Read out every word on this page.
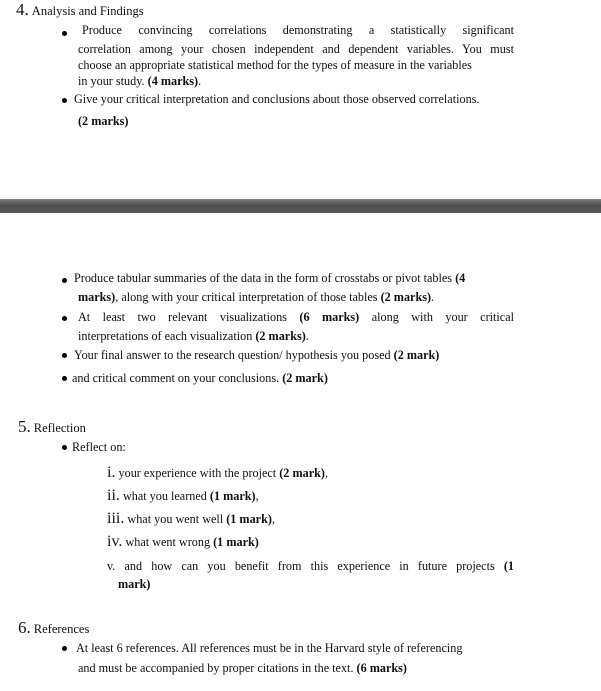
4. Analysis and Findings
Produce convincing correlations demonstrating a statistically significant
correlation among your chosen independent and dependent variables. You must
choose an appropriate statistical method for the types of measure in the variables
in your study. (4 marks).
Give your critical interpretation and conclusions about those observed correlations.
(2 marks)
Produce tabular summaries of the data in the form of crosstabs or pivot tables (4
marks), along with your critical interpretation of those tables (2 marks).
At least two relevant visualizations (6 marks) along with your critical
interpretations of each visualization (2 marks).
Your final answer to the research question/ hypothesis you posed (2 mark)
and critical comment on your conclusions. (2 mark)
5. Reflection
Reflect on:
i. your experience with the project (2 mark),
ii. what you learned (1 mark),
iii. what you went well (1 mark),
iv. what went wrong (1 mark)
v. and how can you benefit from this experience in future projects (1
mark)
6. References
At least 6 references. All references must be in the Harvard style of referencing
and must be accompanied by proper citations in the text. (6 marks)
